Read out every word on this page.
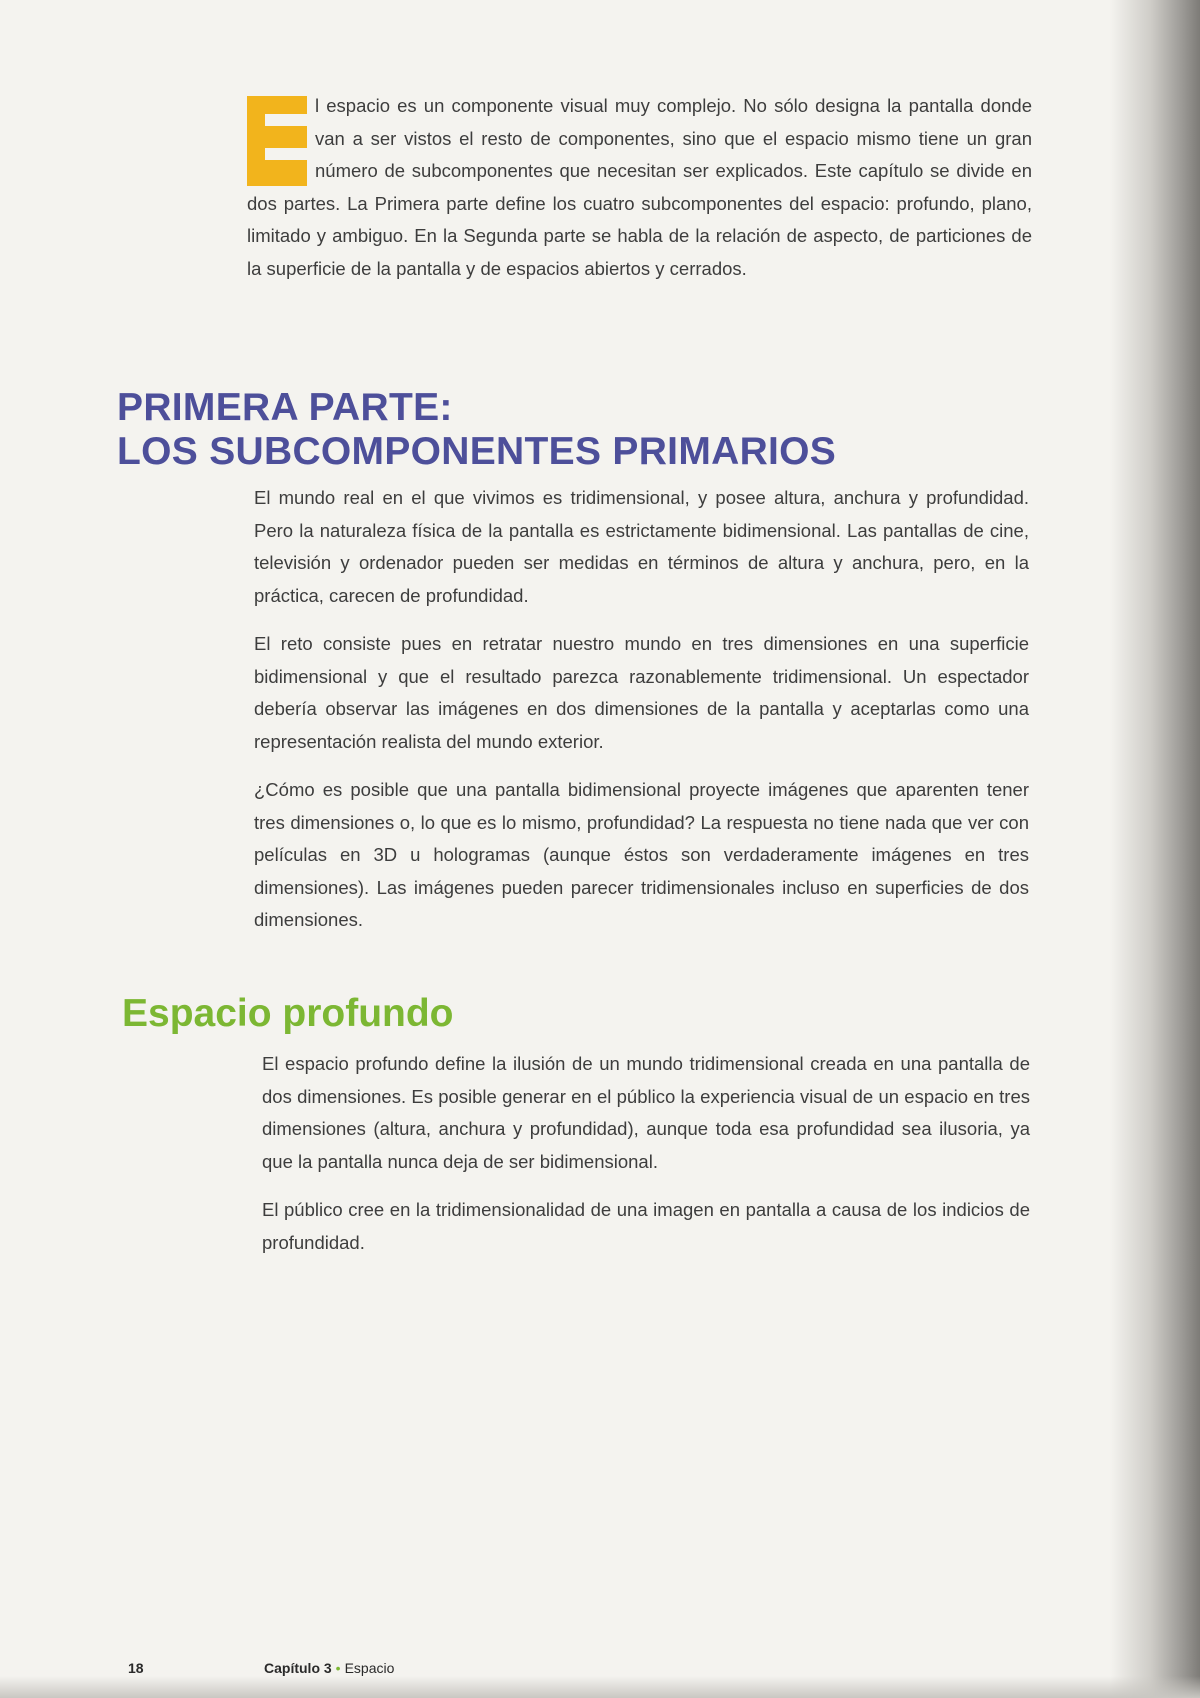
l espacio es un componente visual muy complejo. No sólo designa la pantalla donde van a ser vistos el resto de componentes, sino que el espacio mismo tiene un gran número de subcomponentes que necesitan ser explicados. Este capítulo se divide en dos partes. La Primera parte define los cuatro subcomponentes del espacio: profundo, plano, limitado y ambiguo. En la Segunda parte se habla de la relación de aspecto, de particiones de la superficie de la pantalla y de espacios abiertos y cerrados.
PRIMERA PARTE:
LOS SUBCOMPONENTES PRIMARIOS

El mundo real en el que vivimos es tridimensional, y posee altura, anchura y profundidad. Pero la naturaleza física de la pantalla es estrictamente bidimensional. Las pantallas de cine, televisión y ordenador pueden ser medidas en términos de altura y anchura, pero, en la práctica, carecen de profundidad.

El reto consiste pues en retratar nuestro mundo en tres dimensiones en una superficie bidimensional y que el resultado parezca razonablemente tridimensional. Un espectador debería observar las imágenes en dos dimensiones de la pantalla y aceptarlas como una representación realista del mundo exterior.

¿Cómo es posible que una pantalla bidimensional proyecte imágenes que aparenten tener tres dimensiones o, lo que es lo mismo, profundidad? La respuesta no tiene nada que ver con películas en 3D u hologramas (aunque éstos son verdaderamente imágenes en tres dimensiones). Las imágenes pueden parecer tridimensionales incluso en superficies de dos dimensiones.

Espacio profundo

El espacio profundo define la ilusión de un mundo tridimensional creada en una pantalla de dos dimensiones. Es posible generar en el público la experiencia visual de un espacio en tres dimensiones (altura, anchura y profundidad), aunque toda esa profundidad sea ilusoria, ya que la pantalla nunca deja de ser bidimensional.

El público cree en la tridimensionalidad de una imagen en pantalla a causa de los indicios de profundidad.

18	Capítulo 3 • Espacio
